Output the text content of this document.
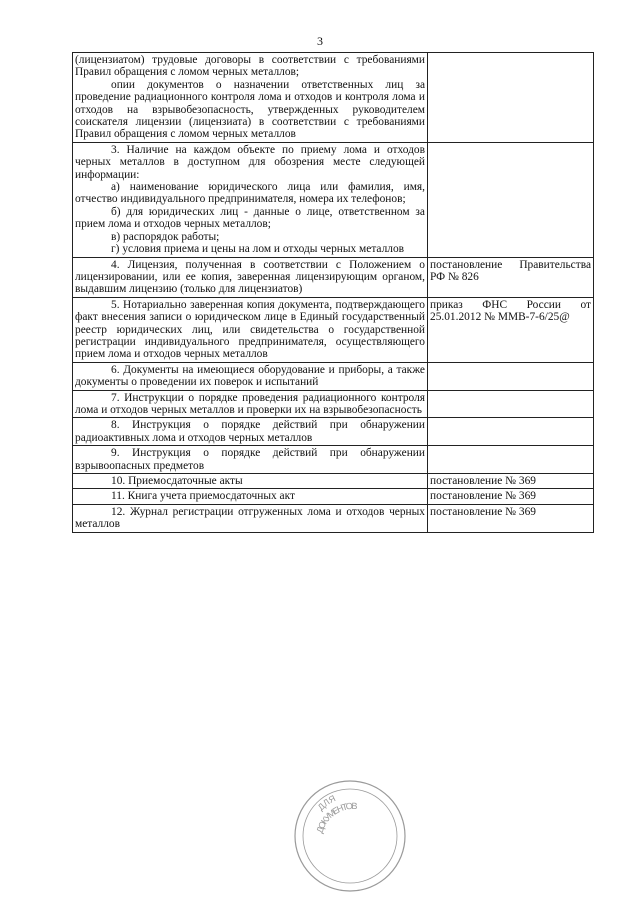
3

(лицензиатом) трудовые договоры в соответствии с требованиями Правил обращения с ломом черных металлов;

опии документов о назначении ответственных лиц за проведение радиационного контроля лома и отходов и контроля лома и отходов на взрывобезопасность, утвержденных руководителем соискателя лицензии (лицензиата) в соответствии с требованиями Правил обращения с ломом черных металлов	

3. Наличие на каждом объекте по приему лома и отходов черных металлов в доступном для обозрения месте следующей информации:

а) наименование юридического лица или фамилия, имя, отчество индивидуального предпринимателя, номера их телефонов;

б) для юридических лиц - данные о лице, ответственном за прием лома и отходов черных металлов;

в) распорядок работы;

г) условия приема и цены на лом и отходы черных металлов	

4. Лицензия, полученная в соответствии с Положением о лицензировании, или ее копия, заверенная лицензирующим органом, выдавшим лицензию (только для лицензиатов)	постановление Правительства РФ № 826

5. Нотариально заверенная копия документа, подтверждающего факт внесения записи о юридическом лице в Единый государственный реестр юридических лиц, или свидетельства о государственной регистрации индивидуального предпринимателя, осуществляющего прием лома и отходов черных металлов	приказ ФНС России от 25.01.2012 № ММВ-7-6/25@

6. Документы на имеющиеся оборудование и приборы, а также документы о проведении их поверок и испытаний	

7. Инструкции о порядке проведения радиационного контроля лома и отходов черных металлов и проверки их на взрывобезопасность	

8. Инструкция о порядке действий при обнаружении радиоактивных лома и отходов черных металлов	

9. Инструкция о порядке действий при обнаружении взрывоопасных предметов	

10. Приемосдаточные акты	постановление № 369

11. Книга учета приемосдаточных акт	постановление № 369

12. Журнал регистрации отгруженных лома и отходов черных металлов	постановление № 369
ДЛЯ
ДОКУМЕНТОВ
